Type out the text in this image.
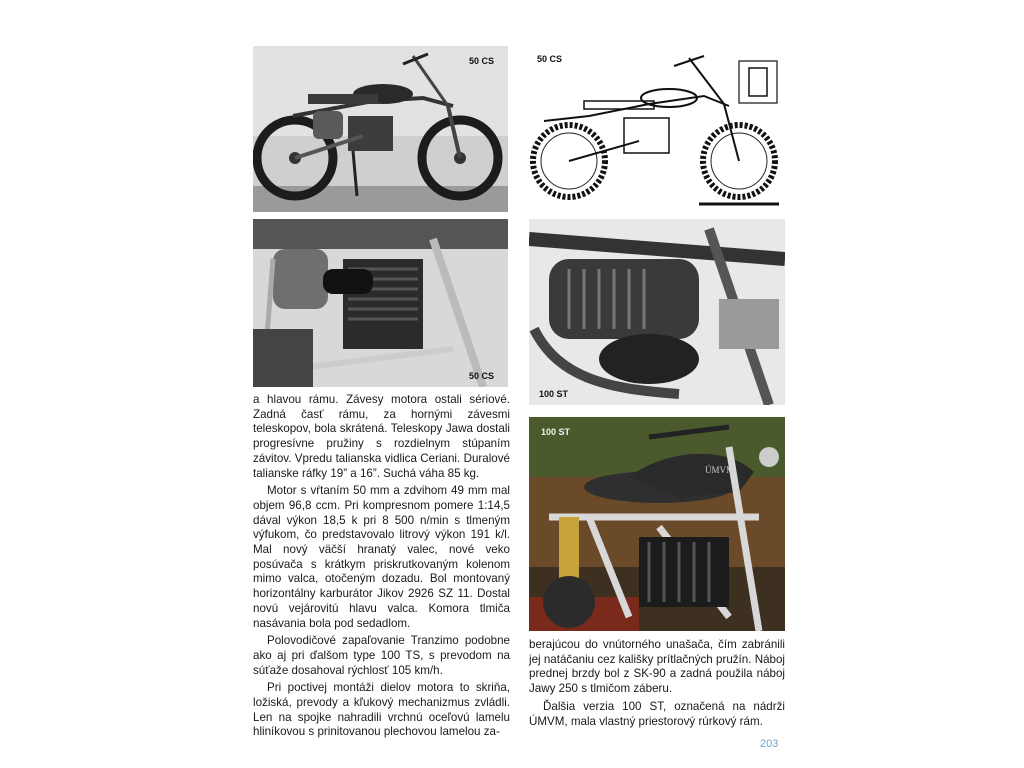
50 CS	50 CS
50 CS
100 ST
100 ST
ÚMVM

a hlavou rámu. Závesy motora ostali sériové. Zadná časť rámu, za hornými závesmi teleskopov, bola skrátená. Teleskopy Jawa dostali progresívne pružiny s rozdielnym stúpaním závitov. Vpredu talianska vidlica Ceriani. Duralové talianske ráfky 19” a 16”. Suchá váha 85 kg.

Motor s vŕtaním 50 mm a zdvihom 49 mm mal objem 96,8 ccm. Pri kompresnom pomere 1:14,5 dával výkon 18,5 k pri 8 500 n/min s tlmeným výfukom, čo predstavovalo litrový výkon 191 k/l. Mal nový väčší hranatý valec, nové veko posúvača s krátkym priskrutkovaným kolenom mimo valca, otočeným dozadu. Bol montovaný horizontálny karburátor Jikov 2926 SZ 11. Dostal novú vejárovitú hlavu valca. Komora tlmiča nasávania bola pod sedadlom.

Polovodičové zapaľovanie Tranzimo podobne ako aj pri ďalšom type 100 TS, s prevodom na súťaže dosahoval rýchlosť 105 km/h.

Pri poctivej montáži dielov motora to skriňa, ložiská, prevody a kľukový mechanizmus zvládli. Len na spojke nahradili vrchnú oceľovú lamelu hliníkovou s prinitovanou plechovou lamelou za-

berajúcou do vnútorného unašača, čím zabránili jej natáčaniu cez kališky prítlačných pružín. Náboj prednej brzdy bol z SK-90 a zadná použila náboj Jawy 250 s tlmičom záberu.

Ďalšia verzia 100 ST, označená na nádrži ÚMVM, mala vlastný priestorový rúrkový rám.

203
